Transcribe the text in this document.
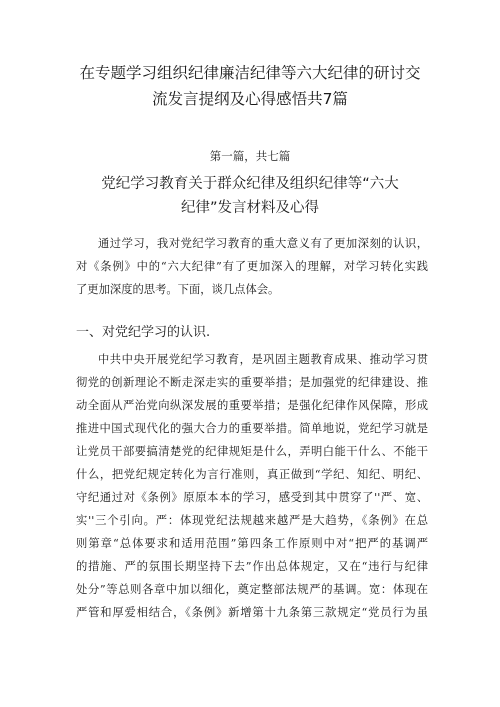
在专题学习组织纪律廉洁纪律等六大纪律的研讨交
流发言提纲及心得感悟共7篇
第一篇，共七篇
党纪学习教育关于群众纪律及组织纪律等“六大
纪律”发言材料及心得
通过学习，我对党纪学习教育的重大意义有了更加深刻的认识，
对《条例》中的“六大纪律”有了更加深入的理解，对学习转化实践
了更加深度的思考。下面，谈几点体会。
一、对党纪学习的认识.
中共中央开展党纪学习教育，是巩固主题教育成果、推动学习贯
彻党的创新理论不断走深走实的重要举措；是加强党的纪律建设、推
动全面从严治党向纵深发展的重要举措；是强化纪律作风保障，形成
推进中国式现代化的强大合力的重要举措。简单地说，党纪学习就是
让党员干部要搞清楚党的纪律规矩是什么，弄明白能干什么、不能干
什么，把党纪规定转化为言行准则，真正做到“学纪、知纪、明纪、
守纪通过对《条例》原原本本的学习，感受到其中贯穿了''严、宽、
实''三个引向。严：体现党纪法规越来越严是大趋势，《条例》在总
则第章“总体要求和适用范围”第四条工作原则中对“把严的基调严
的措施、严的氛围长期坚持下去”作出总体规定，又在“违行与纪律
处分”等总则各章中加以细化，奠定整部法规严的基调。宽：体现在
严管和厚爱相结合，《条例》新增第十九条第三款规定“党员行为虽
